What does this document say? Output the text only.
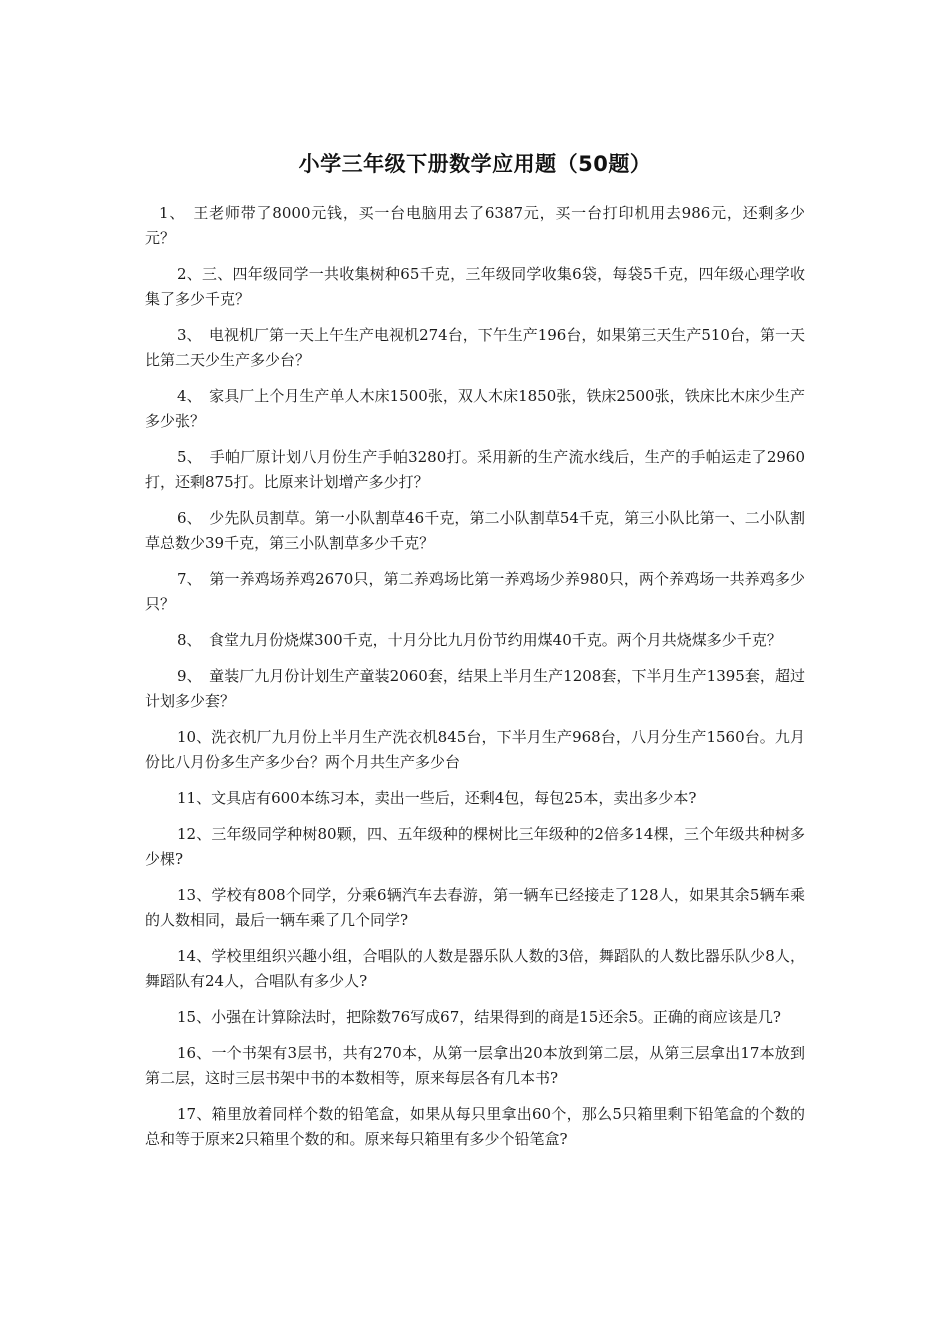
小学三年级下册数学应用题（50题）

1、　王老师带了8000元钱，买一台电脑用去了6387元，买一台打印机用去986元，还剩多少元？

2、三、四年级同学一共收集树种65千克，三年级同学收集6袋，每袋5千克，四年级心理学收集了多少千克？

3、　电视机厂第一天上午生产电视机274台，下午生产196台，如果第三天生产510台，第一天比第二天少生产多少台？

4、　家具厂上个月生产单人木床1500张，双人木床1850张，铁床2500张，铁床比木床少生产多少张？

5、　手帕厂原计划八月份生产手帕3280打。采用新的生产流水线后，生产的手帕运走了2960打，还剩875打。比原来计划增产多少打？

6、　少先队员割草。第一小队割草46千克，第二小队割草54千克，第三小队比第一、二小队割草总数少39千克，第三小队割草多少千克？

7、　第一养鸡场养鸡2670只，第二养鸡场比第一养鸡场少养980只，两个养鸡场一共养鸡多少只？

8、　食堂九月份烧煤300千克，十月分比九月份节约用煤40千克。两个月共烧煤多少千克？

9、　童装厂九月份计划生产童装2060套，结果上半月生产1208套，下半月生产1395套，超过计划多少套？

10、洗衣机厂九月份上半月生产洗衣机845台，下半月生产968台，八月分生产1560台。九月份比八月份多生产多少台？两个月共生产多少台

11、文具店有600本练习本，卖出一些后，还剩4包，每包25本，卖出多少本?

12、三年级同学种树80颗，四、五年级种的棵树比三年级种的2倍多14棵，三个年级共种树多少棵?

13、学校有808个同学，分乘6辆汽车去春游，第一辆车已经接走了128人，如果其余5辆车乘的人数相同，最后一辆车乘了几个同学?

14、学校里组织兴趣小组，合唱队的人数是器乐队人数的3倍，舞蹈队的人数比器乐队少8人，舞蹈队有24人，合唱队有多少人?

15、小强在计算除法时，把除数76写成67，结果得到的商是15还余5。正确的商应该是几?

16、一个书架有3层书，共有270本，从第一层拿出20本放到第二层，从第三层拿出17本放到第二层，这时三层书架中书的本数相等，原来每层各有几本书?

17、箱里放着同样个数的铅笔盒，如果从每只里拿出60个，那么5只箱里剩下铅笔盒的个数的总和等于原来2只箱里个数的和。原来每只箱里有多少个铅笔盒?
